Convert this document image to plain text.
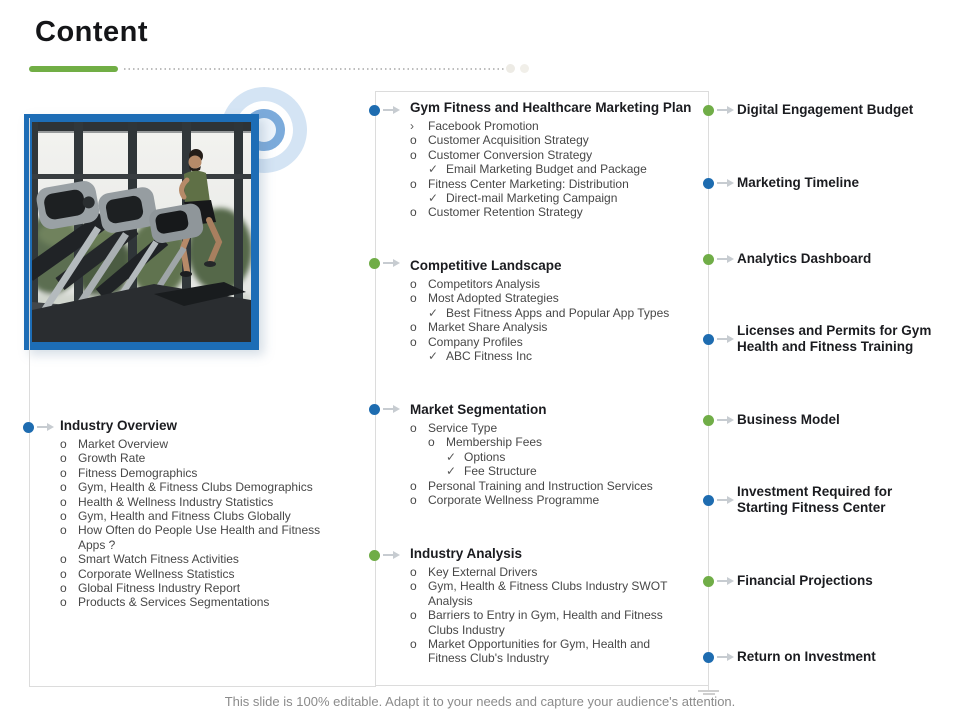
Content
Industry Overview
o Market Overview
o Growth Rate
o Fitness Demographics
o Gym, Health & Fitness Clubs Demographics
o Health & Wellness Industry Statistics
o Gym, Health and Fitness Clubs Globally
o How Often do People Use Health and Fitness Apps ?
o Smart Watch Fitness Activities
o Corporate Wellness Statistics
o Global Fitness Industry Report
o Products & Services Segmentations
Gym Fitness and Healthcare Marketing Plan
›	Facebook Promotion
o Customer Acquisition Strategy
o Customer Conversion Strategy
✓ Email Marketing Budget and Package
o Fitness Center Marketing: Distribution
✓ Direct-mail Marketing Campaign
o Customer Retention Strategy
Competitive Landscape
o Competitors Analysis
o Most Adopted Strategies
✓ Best Fitness Apps and Popular App Types
o Market Share Analysis
o Company Profiles
✓ ABC Fitness Inc
Market Segmentation
o Service Type
o Membership Fees
✓ Options
✓ Fee Structure
o Personal Training and Instruction Services
o Corporate Wellness Programme
Industry Analysis
o Key External Drivers
o Gym, Health & Fitness Clubs Industry SWOT Analysis
o Barriers to Entry in Gym, Health and Fitness Clubs Industry
o Market Opportunities for Gym, Health and Fitness Club's Industry
Digital Engagement Budget
Marketing Timeline
Analytics Dashboard
Licenses and Permits for Gym Health and Fitness Training
Business Model
Investment Required for Starting Fitness Center
Financial Projections
Return on Investment
This slide is 100% editable. Adapt it to your needs and capture your audience's attention.
